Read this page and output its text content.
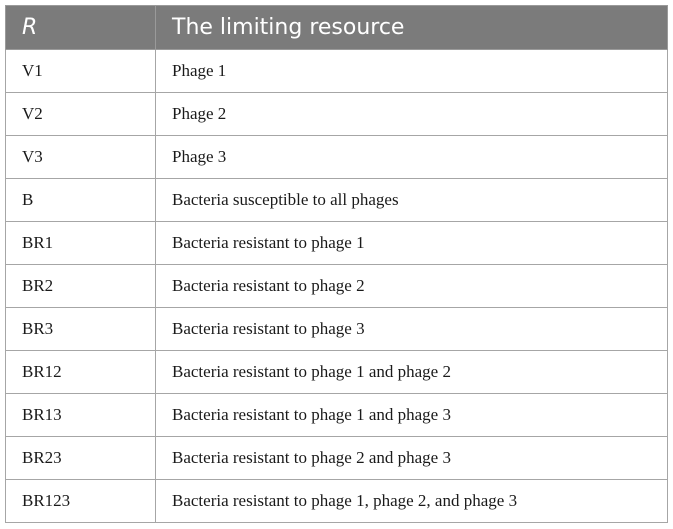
R	The limiting resource
V1	Phage 1
V2	Phage 2
V3	Phage 3
B	Bacteria susceptible to all phages
BR1	Bacteria resistant to phage 1
BR2	Bacteria resistant to phage 2
BR3	Bacteria resistant to phage 3
BR12	Bacteria resistant to phage 1 and phage 2
BR13	Bacteria resistant to phage 1 and phage 3
BR23	Bacteria resistant to phage 2 and phage 3
BR123	Bacteria resistant to phage 1, phage 2, and phage 3
